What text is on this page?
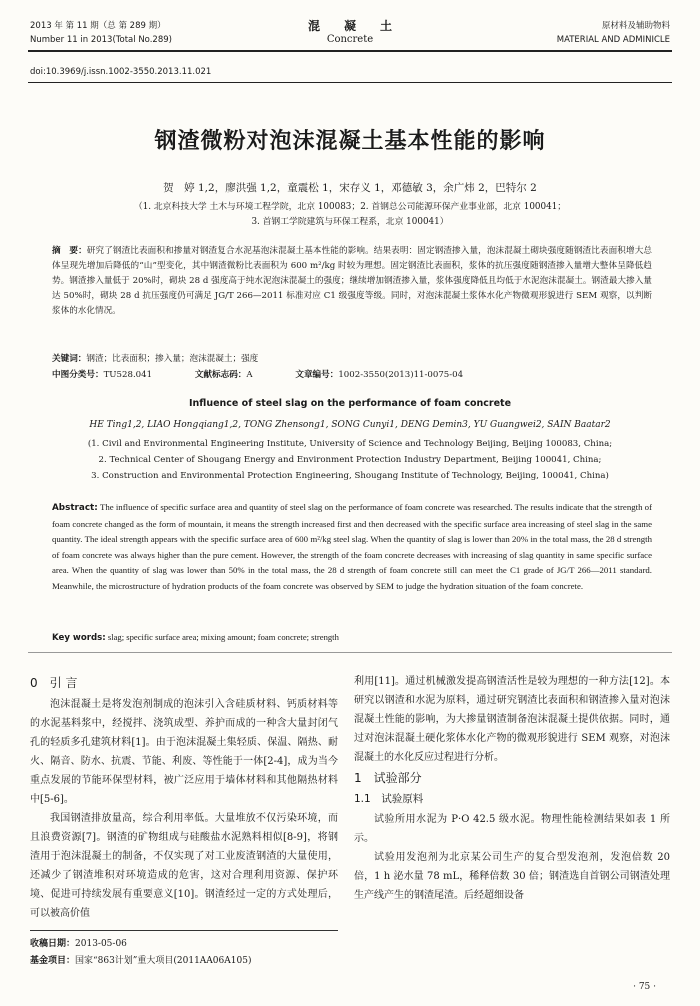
2013 年 第 11 期（总 第 289 期）
Number 11 in 2013(Total No.289)
混　　凝　　土
Concrete
原材料及辅助物料
MATERIAL AND ADMINICLE
doi:10.3969/j.issn.1002-3550.2013.11.021
钢渣微粉对泡沫混凝土基本性能的影响
贺　婷 1,2，廖洪强 1,2，童震松 1，宋存义 1，邓德敏 3，余广炜 2，巴特尔 2
（1. 北京科技大学 土木与环境工程学院，北京 100083；2. 首钢总公司能源环保产业事业部，北京 100041；
3. 首钢工学院建筑与环保工程系，北京 100041）
摘　要：研究了钢渣比表面积和掺量对钢渣复合水泥基泡沫混凝土基本性能的影响。结果表明：固定钢渣掺入量，泡沫混凝土砌块强度随钢渣比表面积增大总体呈现先增加后降低的“山”型变化，其中钢渣微粉比表面积为 600 m²/kg 时较为理想。固定钢渣比表面积，浆体的抗压强度随钢渣掺入量增大整体呈降低趋势。钢渣掺入量低于 20%时，砌块 28 d 强度高于纯水泥泡沫混凝土的强度；继续增加钢渣掺入量，浆体强度降低且均低于水泥泡沫混凝土。钢渣最大掺入量达 50%时，砌块 28 d 抗压强度仍可满足 JG/T 266—2011 标准对应 C1 级强度等级。同时，对泡沫混凝土浆体水化产物微观形貌进行 SEM 观察，以判断浆体的水化情况。
关键词：钢渣；比表面积；掺入量；泡沫混凝土；强度
中图分类号：TU528.041	文献标志码：A	文章编号：1002-3550(2013)11-0075-04
Influence of steel slag on the performance of foam concrete
HE Ting1,2, LIAO Hongqiang1,2, TONG Zhensong1, SONG Cunyi1, DENG Demin3, YU Guangwei2, SAIN Baatar2
(1. Civil and Environmental Engineering Institute, University of Science and Technology Beijing, Beijing 100083, China;
2. Technical Center of Shougang Energy and Environment Protection Industry Department, Beijing 100041, China;
3. Construction and Environmental Protection Engineering, Shougang Institute of Technology, Beijing, 100041, China)
Abstract: The influence of specific surface area and quantity of steel slag on the performance of foam concrete was researched. The results indicate that the strength of foam concrete changed as the form of mountain, it means the strength increased first and then decreased with the specific surface area increasing of steel slag in the same quantity. The ideal strength appears with the specific surface area of 600 m²/kg steel slag. When the quantity of slag is lower than 20% in the total mass, the 28 d strength of foam concrete was always higher than the pure cement. However, the strength of the foam concrete decreases with increasing of slag quantity in same specific surface area. When the quantity of slag was lower than 50% in the total mass, the 28 d strength of foam concrete still can meet the C1 grade of JG/T 266—2011 standard. Meanwhile, the microstructure of hydration products of the foam concrete was observed by SEM to judge the hydration situation of the foam concrete.
Key words: slag; specific surface area; mixing amount; foam concrete; strength
0　引 言

泡沫混凝土是将发泡剂制成的泡沫引入含硅质材料、钙质材料等的水泥基料浆中，经搅拌、浇筑成型、养护而成的一种含大量封闭气孔的轻质多孔建筑材料[1]。由于泡沫混凝土集轻质、保温、隔热、耐火、隔音、防水、抗震、节能、利废、等性能于一体[2-4]，成为当今重点发展的节能环保型材料，被广泛应用于墙体材料和其他隔热材料中[5-6]。

我国钢渣排放量高，综合利用率低。大量堆放不仅污染环境，而且浪费资源[7]。钢渣的矿物组成与硅酸盐水泥熟料相似[8-9]，将钢渣用于泡沫混凝土的制备，不仅实现了对工业废渣钢渣的大量使用，还减少了钢渣堆积对环境造成的危害，这对合理利用资源、保护环境、促进可持续发展有重要意义[10]。钢渣经过一定的方式处理后，可以被高价值

利用[11]。通过机械激发提高钢渣活性是较为理想的一种方法[12]。本研究以钢渣和水泥为原料，通过研究钢渣比表面积和钢渣掺入量对泡沫混凝土性能的影响，为大掺量钢渣制备泡沫混凝土提供依据。同时，通过对泡沫混凝土硬化浆体水化产物的微观形貌进行 SEM 观察，对泡沫混凝土的水化反应过程进行分析。

1　试验部分
1.1　试验原料

试验所用水泥为 P·O 42.5 级水泥。物理性能检测结果如表 1 所示。

试验用发泡剂为北京某公司生产的复合型发泡剂，发泡倍数 20 倍，1 h 泌水量 78 mL，稀释倍数 30 倍；钢渣选自首钢公司钢渣处理生产线产生的钢渣尾渣。后经超细设备

收稿日期：2013-05-06
基金项目：国家“863计划”重大项目(2011AA06A105)
· 75 ·
